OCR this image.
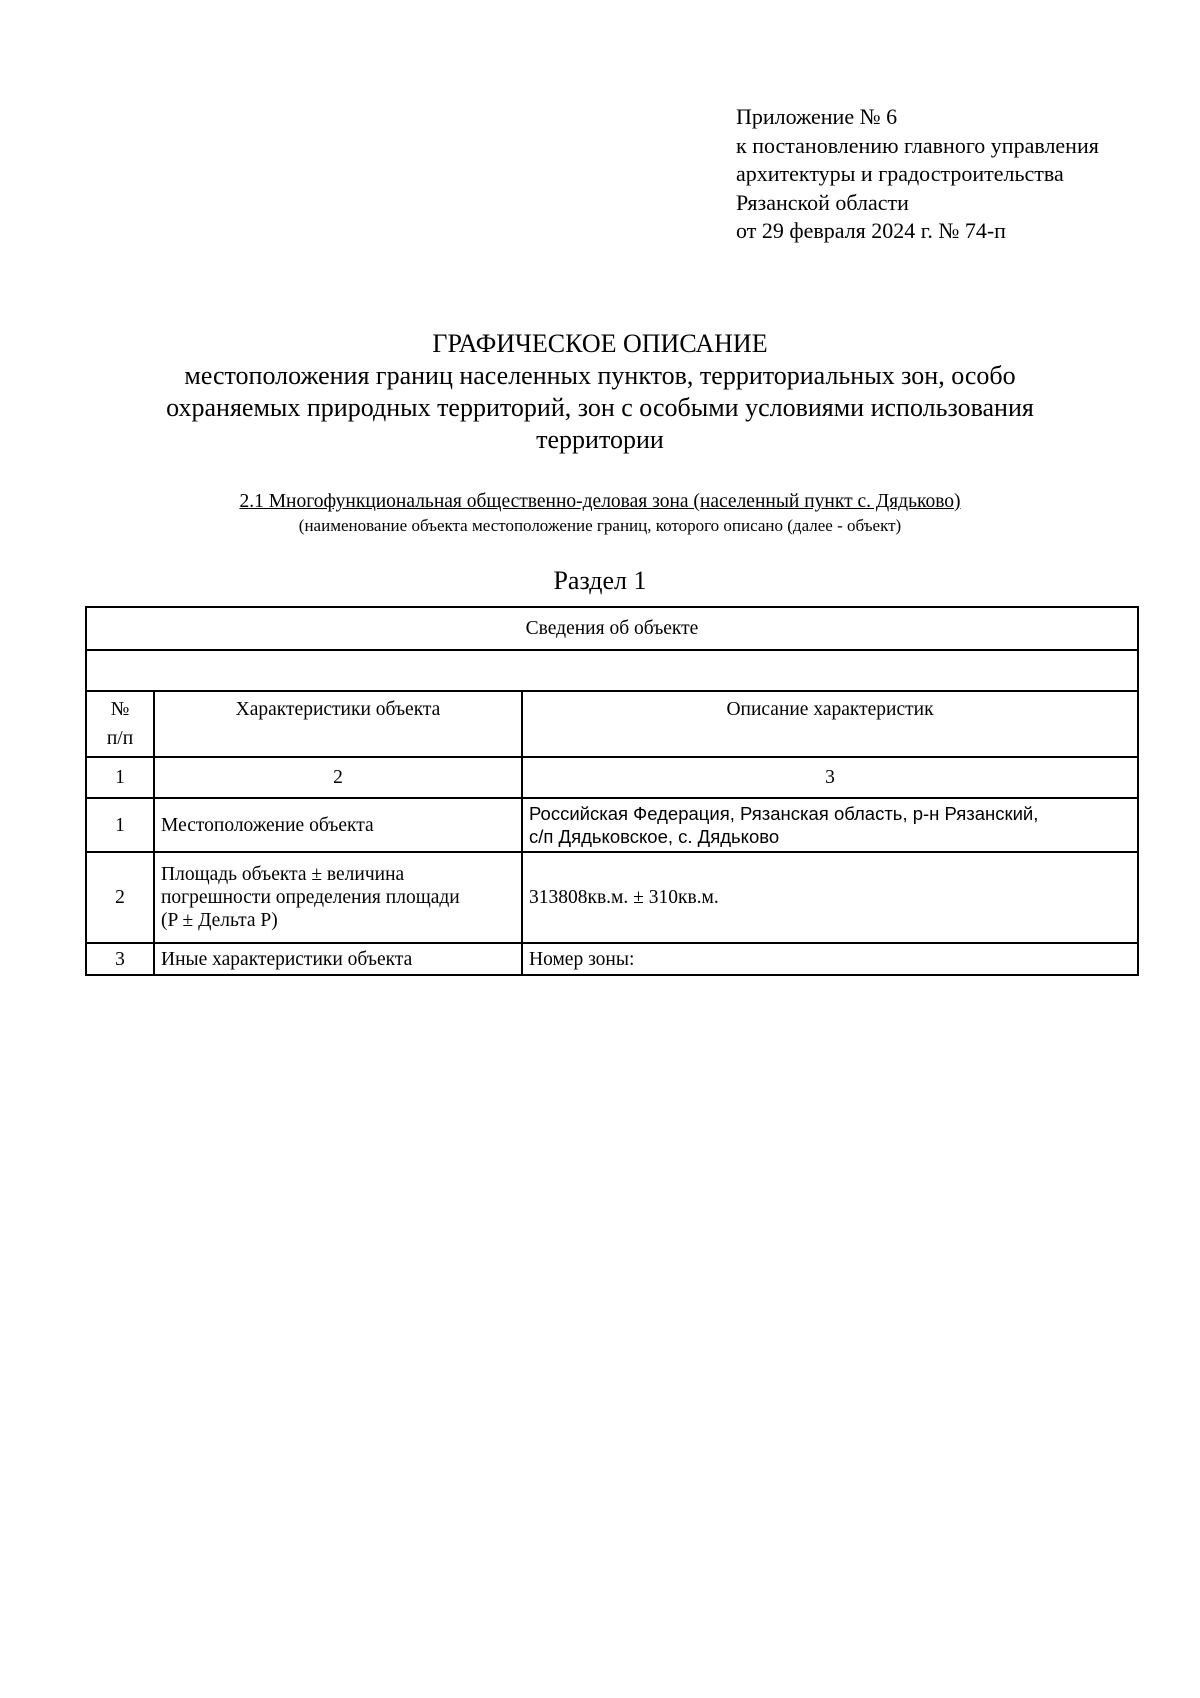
Приложение № 6
к постановлению главного управления
архитектуры и градостроительства
Рязанской области
от 29 февраля 2024 г. № 74-п
ГРАФИЧЕСКОЕ ОПИСАНИЕ
местоположения границ населенных пунктов, территориальных зон, особо
охраняемых природных территорий, зон с особыми условиями использования
территории
2.1 Многофункциональная общественно-деловая зона (населенный пункт с. Дядьково)
(наименование объекта местоположение границ, которого описано (далее - объект)
Раздел 1
Сведения об объекте		

№
п/п	Характеристики объекта	Описание характеристик
1	2	3
1	Местоположение объекта	Российская Федерация, Рязанская область, р-н Рязанский,
с/п Дядьковское, с. Дядьково

2	Площадь объекта ± величина
погрешности определения площади
(P ± Дельта P)	313808кв.м. ± 310кв.м.
3	Иные характеристики объекта	Номер зоны:
